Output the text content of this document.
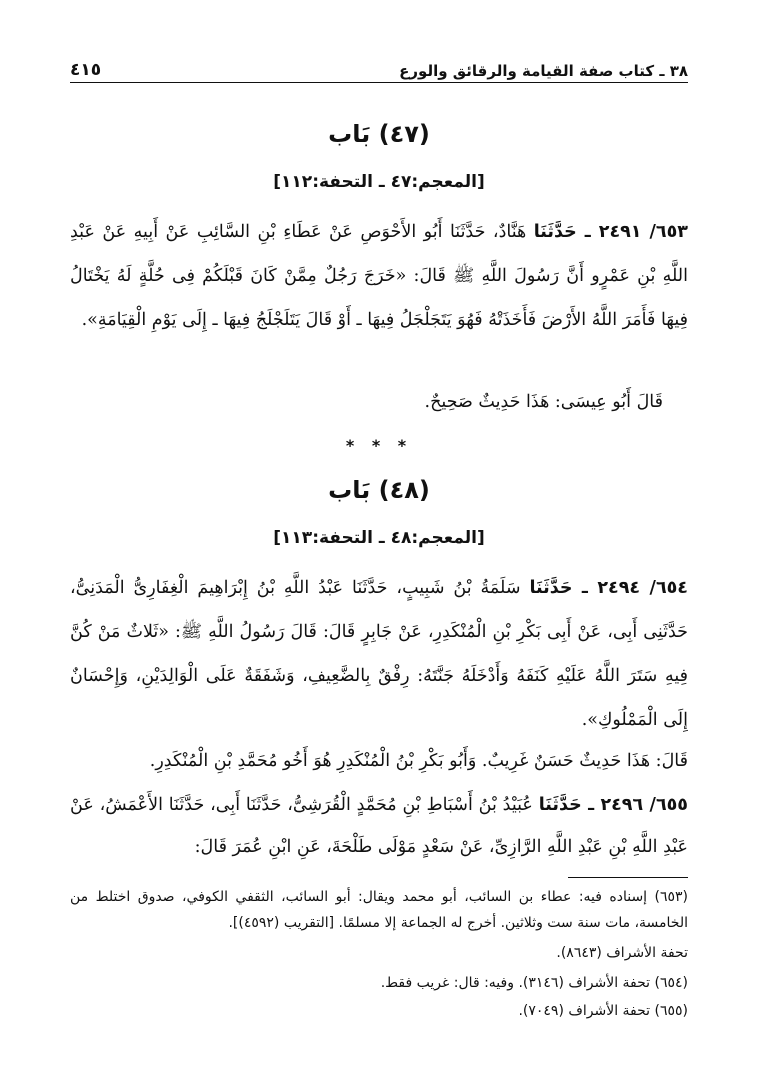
٣٨ ـ كتاب صفة القيامة والرقائق والورع
٤١٥
(٤٧) بَاب
[المعجم:٤٧ ـ التحفة:١١٢]

٦٥٣/ ٢٤٩١ ـ حَدَّثَنَا هَنَّادٌ، حَدَّثَنَا أَبُو الأَحْوَصِ عَنْ عَطَاءِ بْنِ السَّائِبِ عَنْ أَبِيهِ عَنْ عَبْدِ اللَّهِ بْنِ عَمْرٍو أَنَّ رَسُولَ اللَّهِ ﷺ قَالَ: «خَرَجَ رَجُلٌ مِمَّنْ كَانَ قَبْلَكُمْ فِى حُلَّةٍ لَهُ يَخْتَالُ فِيهَا فَأَمَرَ اللَّهُ الأَرْضَ فَأَخَذَتْهُ فَهُوَ يَتَجَلْجَلُ فِيهَا ـ أَوْ قَالَ يَتَلَجْلَجُ فِيهَا ـ إِلَى يَوْمِ الْقِيَامَةِ».

قَالَ أَبُو عِيسَى: هَذَا حَدِيثٌ صَحِيحٌ.

* * *
(٤٨) بَاب
[المعجم:٤٨ ـ التحفة:١١٣]

٦٥٤/ ٢٤٩٤ ـ حَدَّثَنَا سَلَمَةُ بْنُ شَبِيبٍ، حَدَّثَنَا عَبْدُ اللَّهِ بْنُ إِبْرَاهِيمَ الْغِفَارِىُّ الْمَدَنِىُّ، حَدَّثَنِى أَبِى، عَنْ أَبِى بَكْرِ بْنِ الْمُنْكَدِرِ، عَنْ جَابِرٍ قَالَ: قَالَ رَسُولُ اللَّهِ ﷺ: «ثَلاثٌ مَنْ كُنَّ فِيهِ سَتَرَ اللَّهُ عَلَيْهِ كَنَفَهُ وَأَدْخَلَهُ جَنَّتَهُ: رِفْقٌ بِالضَّعِيفِ، وَشَفَقَةٌ عَلَى الْوَالِدَيْنِ، وَإِحْسَانٌ إِلَى الْمَمْلُوكِ».

قَالَ: هَذَا حَدِيثٌ حَسَنٌ غَرِيبٌ. وَأَبُو بَكْرِ بْنُ الْمُنْكَدِرِ هُوَ أَخُو مُحَمَّدِ بْنِ الْمُنْكَدِرِ.

٦٥٥/ ٢٤٩٦ ـ حَدَّثَنَا عُبَيْدُ بْنُ أَسْبَاطِ بْنِ مُحَمَّدٍ الْقُرَشِىُّ، حَدَّثَنَا أَبِى، حَدَّثَنَا الأَعْمَشُ، عَنْ عَبْدِ اللَّهِ بْنِ عَبْدِ اللَّهِ الرَّازِىِّ، عَنْ سَعْدٍ مَوْلَى طَلْحَةَ، عَنِ ابْنِ عُمَرَ قَالَ:

(٦٥٣) إسناده فيه: عطاء بن السائب، أبو محمد ويقال: أبو السائب، الثقفي الكوفي، صدوق اختلط من الخامسة، مات سنة ست وثلاثين. أخرج له الجماعة إلا مسلمًا. [التقريب (٤٥٩٢)].

تحفة الأشراف (٨٦٤٣).

(٦٥٤) تحفة الأشراف (٣١٤٦). وفيه: قال: غريب فقط.

(٦٥٥) تحفة الأشراف (٧٠٤٩).
